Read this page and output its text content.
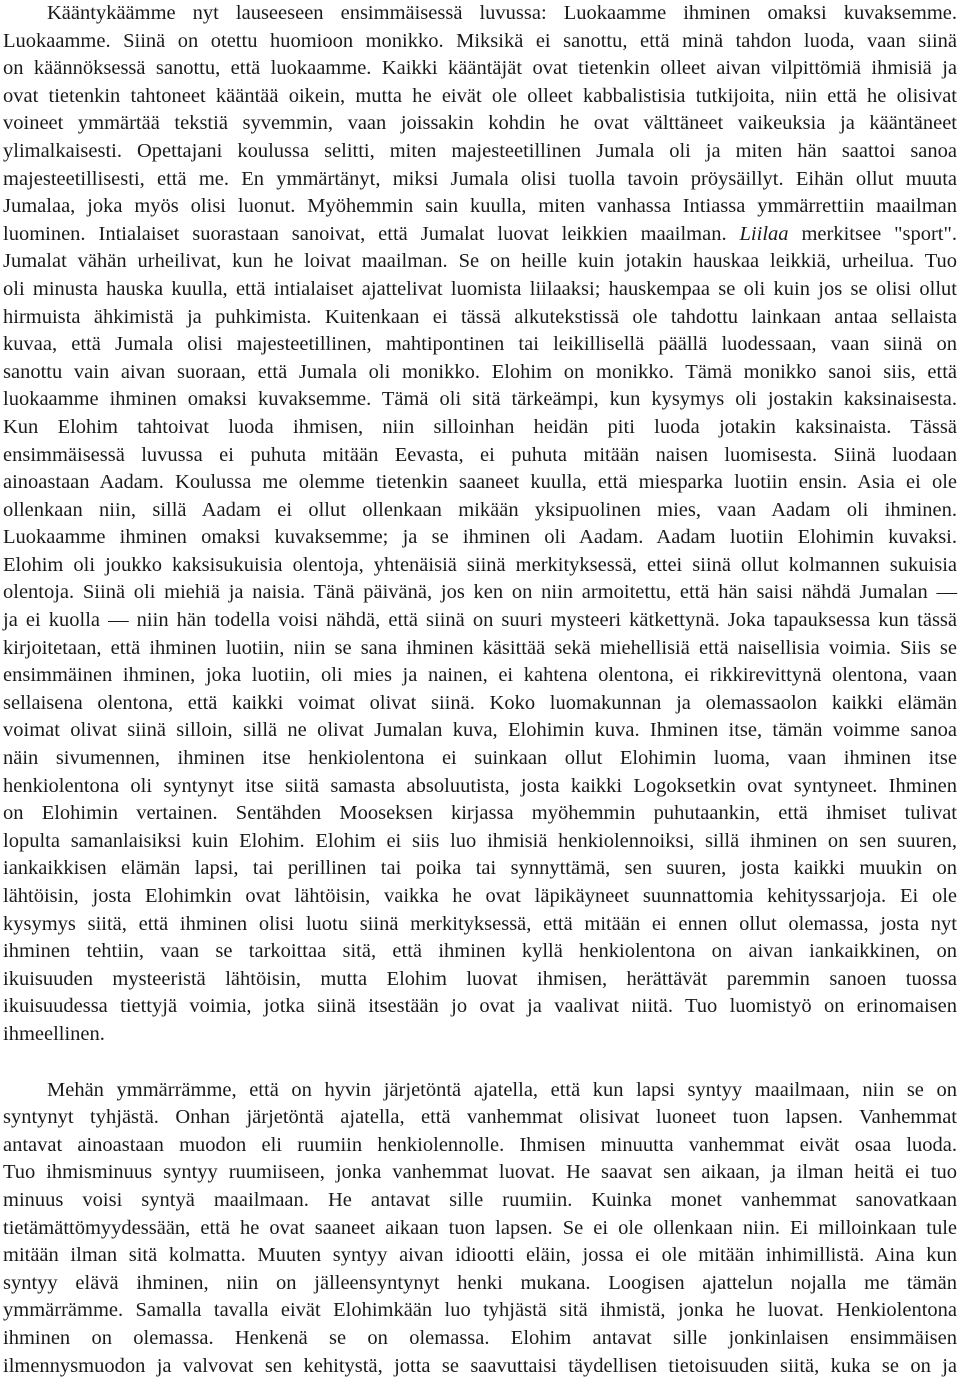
Kääntykäämme nyt lauseeseen ensimmäisessä luvussa: Luokaamme ihminen omaksi kuvaksemme.
Luokaamme. Siinä on otettu huomioon monikko. Miksikä ei sanottu, että minä tahdon luoda, vaan siinä
on käännöksessä sanottu, että luokaamme. Kaikki kääntäjät ovat tietenkin olleet aivan vilpittömiä ihmisiä ja
ovat tietenkin tahtoneet kääntää oikein, mutta he eivät ole olleet kabbalistisia tutkijoita, niin että he olisivat
voineet ymmärtää tekstiä syvemmin, vaan joissakin kohdin he ovat välttäneet vaikeuksia ja kääntäneet
ylimalkaisesti. Opettajani koulussa selitti, miten majesteetillinen Jumala oli ja miten hän saattoi sanoa
majesteetillisesti, että me. En ymmärtänyt, miksi Jumala olisi tuolla tavoin pröysäillyt. Eihän ollut muuta
Jumalaa, joka myös olisi luonut. Myöhemmin sain kuulla, miten vanhassa Intiassa ymmärrettiin maailman
luominen. Intialaiset suorastaan sanoivat, että Jumalat luovat leikkien maailman. Liilaa merkitsee "sport".
Jumalat vähän urheilivat, kun he loivat maailman. Se on heille kuin jotakin hauskaa leikkiä, urheilua. Tuo
oli minusta hauska kuulla, että intialaiset ajattelivat luomista liilaaksi; hauskempaa se oli kuin jos se olisi ollut
hirmuista ähkimistä ja puhkimista. Kuitenkaan ei tässä alkutekstissä ole tahdottu lainkaan antaa sellaista
kuvaa, että Jumala olisi majesteetillinen, mahtipontinen tai leikillisellä päällä luodessaan, vaan siinä on
sanottu vain aivan suoraan, että Jumala oli monikko. Elohim on monikko. Tämä monikko sanoi siis, että
luokaamme ihminen omaksi kuvaksemme. Tämä oli sitä tärkeämpi, kun kysymys oli jostakin kaksinaisesta.
Kun Elohim tahtoivat luoda ihmisen, niin silloinhan heidän piti luoda jotakin kaksinaista. Tässä
ensimmäisessä luvussa ei puhuta mitään Eevasta, ei puhuta mitään naisen luomisesta. Siinä luodaan
ainoastaan Aadam. Koulussa me olemme tietenkin saaneet kuulla, että miesparka luotiin ensin. Asia ei ole
ollenkaan niin, sillä Aadam ei ollut ollenkaan mikään yksipuolinen mies, vaan Aadam oli ihminen.
Luokaamme ihminen omaksi kuvaksemme; ja se ihminen oli Aadam. Aadam luotiin Elohimin kuvaksi.
Elohim oli joukko kaksisukuisia olentoja, yhtenäisiä siinä merkityksessä, ettei siinä ollut kolmannen sukuisia
olentoja. Siinä oli miehiä ja naisia. Tänä päivänä, jos ken on niin armoitettu, että hän saisi nähdä Jumalan —
ja ei kuolla — niin hän todella voisi nähdä, että siinä on suuri mysteeri kätkettynä. Joka tapauksessa kun tässä
kirjoitetaan, että ihminen luotiin, niin se sana ihminen käsittää sekä miehellisiä että naisellisia voimia. Siis se
ensimmäinen ihminen, joka luotiin, oli mies ja nainen, ei kahtena olentona, ei rikkirevittynä olentona, vaan
sellaisena olentona, että kaikki voimat olivat siinä. Koko luomakunnan ja olemassaolon kaikki elämän
voimat olivat siinä silloin, sillä ne olivat Jumalan kuva, Elohimin kuva. Ihminen itse, tämän voimme sanoa
näin sivumennen, ihminen itse henkiolentona ei suinkaan ollut Elohimin luoma, vaan ihminen itse
henkiolentona oli syntynyt itse siitä samasta absoluutista, josta kaikki Logoksetkin ovat syntyneet. Ihminen
on Elohimin vertainen. Sentähden Mooseksen kirjassa myöhemmin puhutaankin, että ihmiset tulivat
lopulta samanlaisiksi kuin Elohim. Elohim ei siis luo ihmisiä henkiolennoiksi, sillä ihminen on sen suuren,
iankaikkisen elämän lapsi, tai perillinen tai poika tai synnyttämä, sen suuren, josta kaikki muukin on
lähtöisin, josta Elohimkin ovat lähtöisin, vaikka he ovat läpikäyneet suunnattomia kehityssarjoja. Ei ole
kysymys siitä, että ihminen olisi luotu siinä merkityksessä, että mitään ei ennen ollut olemassa, josta nyt
ihminen tehtiin, vaan se tarkoittaa sitä, että ihminen kyllä henkiolentona on aivan iankaikkinen, on
ikuisuuden mysteeristä lähtöisin, mutta Elohim luovat ihmisen, herättävät paremmin sanoen tuossa
ikuisuudessa tiettyjä voimia, jotka siinä itsestään jo ovat ja vaalivat niitä. Tuo luomistyö on erinomaisen
ihmeellinen.
Mehän ymmärrämme, että on hyvin järjetöntä ajatella, että kun lapsi syntyy maailmaan, niin se on
syntynyt tyhjästä. Onhan järjetöntä ajatella, että vanhemmat olisivat luoneet tuon lapsen. Vanhemmat
antavat ainoastaan muodon eli ruumiin henkiolennolle. Ihmisen minuutta vanhemmat eivät osaa luoda.
Tuo ihmisminuus syntyy ruumiiseen, jonka vanhemmat luovat. He saavat sen aikaan, ja ilman heitä ei tuo
minuus voisi syntyä maailmaan. He antavat sille ruumiin. Kuinka monet vanhemmat sanovatkaan
tietämättömyydessään, että he ovat saaneet aikaan tuon lapsen. Se ei ole ollenkaan niin. Ei milloinkaan tule
mitään ilman sitä kolmatta. Muuten syntyy aivan idiootti eläin, jossa ei ole mitään inhimillistä. Aina kun
syntyy elävä ihminen, niin on jälleensyntynyt henki mukana. Loogisen ajattelun nojalla me tämän
ymmärrämme. Samalla tavalla eivät Elohimkään luo tyhjästä sitä ihmistä, jonka he luovat. Henkiolentona
ihminen on olemassa. Henkenä se on olemassa. Elohim antavat sille jonkinlaisen ensimmäisen
ilmennysmuodon ja valvovat sen kehitystä, jotta se saavuttaisi täydellisen tietoisuuden siitä, kuka se on ja
